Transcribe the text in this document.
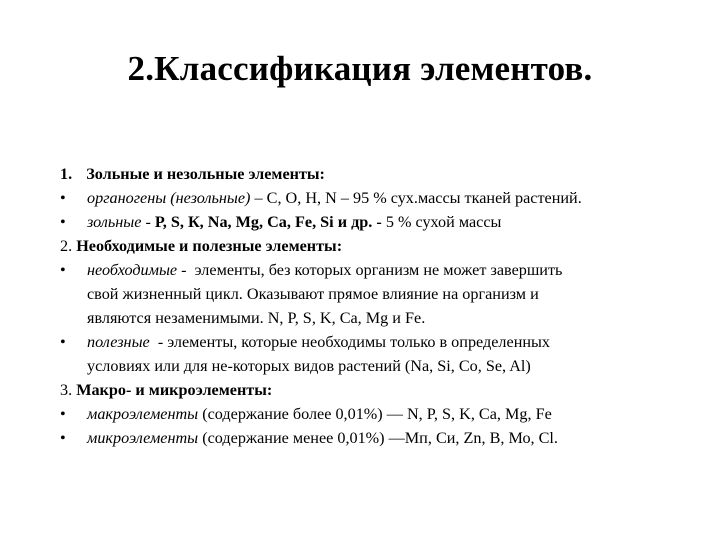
2.Классификация элементов.
1. Зольные и незольные элементы:
• органогены (незольные) – С, О, Н, N – 95 % сух.массы тканей растений.
• зольные - Р, S, К, Na, Mg, Ca, Fe, Si и др. - 5 % сухой массы
2. Необходимые и полезные элементы:
• необходимые -  элементы, без которых организм не может завершить
свой жизненный цикл. Оказывают прямое влияние на организм и
являются незаменимыми. N, P, S, K, Ca, Mg и Fe.
• полезные  - элементы, которые необходимы только в определенных
условиях или для не-которых видов растений (Na, Si, Co, Se, Al)
3. Макро- и микроэлементы:
• макроэлементы (содержание более 0,01%) — N, P, S, K, Ca, Mg, Fe
• микроэлементы (содержание менее 0,01%) —Мп, Си, Zn, В, Мо, Cl.
